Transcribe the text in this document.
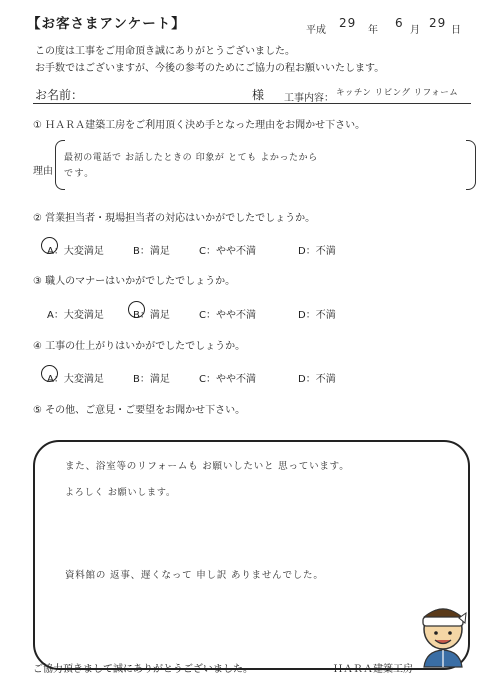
【お客さまアンケート】	平成
29
年
6
月
29
日
この度は工事をご用命頂き誠にありがとうございました。
お手数ではございますが、今後の参考のためにご協力の程お願いいたします。
お名前：	様 工事内容： キッチン リビング リフォーム
① ＨＡＲＡ建築工房をご利用頂く決め手となった理由をお聞かせ下さい。
理由
最初の電話で お話したときの 印象が とても よかったから
です。
② 営業担当者・現場担当者の対応はいかがでしたでしょうか。
A：大変満足	B：満足	C：やや不満	D：不満
③ 職人のマナーはいかがでしたでしょうか。
A：大変満足	B：満足	C：やや不満	D：不満
④ 工事の仕上がりはいかがでしたでしょうか。
A：大変満足	B：満足	C：やや不満	D：不満
⑤ その他、ご意見・ご要望をお聞かせ下さい。
また、浴室等のリフォームも お願いしたいと 思っています。
よろしく お願いします。
資料館の 返事、遅くなって 申し訳 ありませんでした。
ご協力頂きまして誠にありがとうございました。	ＨＡＲＡ建築工房
